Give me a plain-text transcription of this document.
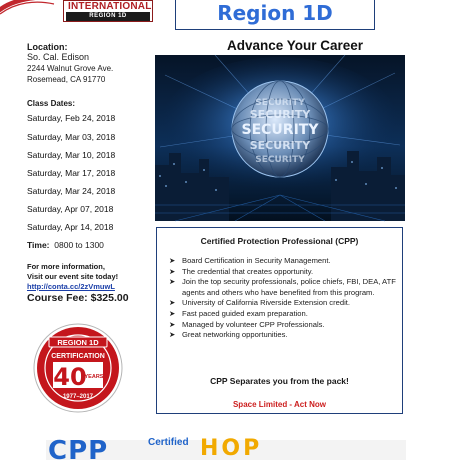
INTERNATIONAL
REGION 1D	Region 1D
Location:
So. Cal. Edison
2244 Walnut Grove Ave.
Rosemead, CA 91770
Class Dates:
Saturday, Feb 24, 2018
Saturday, Mar 03, 2018
Saturday, Mar 10, 2018
Saturday, Mar 17, 2018
Saturday, Mar 24, 2018
Saturday, Apr 07, 2018
Saturday, Apr 14, 2018
Time: 0800 to 1300
For more information,
Visit our event site today!
http://conta.cc/2zVmuwL
Course Fee: $325.00
REGION 1D
CERTIFICATION
40
YEARS
1977–2017
Advance Your Career
SECURITY
SECURITY
SECURITY
SECURITY
SECURITY
Certified Protection Professional (CPP)
➤ Board Certification in Security Management.
➤ The credential that creates opportunity.
➤ Join the top security professionals, police chiefs, FBI, DEA, ATF agents and others who have benefited from this program.
➤ University of California Riverside Extension credit.
➤ Fast paced guided exam preparation.
➤ Managed by volunteer CPP Professionals.
➤ Great networking opportunities.
CPP Separates you from the pack!
Space Limited - Act Now
CPP	Certified HOP
